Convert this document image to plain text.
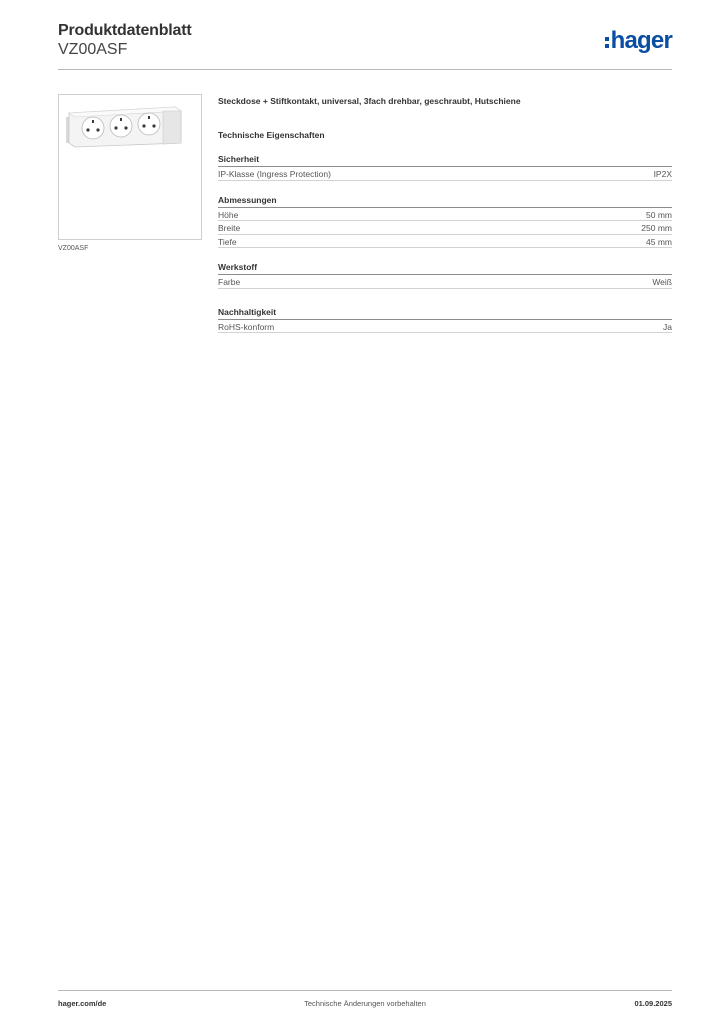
Produktdatenblatt
VZ00ASF	hager
VZ00ASF
Steckdose + Stiftkontakt, universal, 3fach drehbar, geschraubt, Hutschiene
Technische Eigenschaften
Sicherheit
IP-Klasse (Ingress Protection)	IP2X
Abmessungen
Höhe	50 mm
Breite	250 mm
Tiefe	45 mm
Werkstoff
Farbe	Weiß
Nachhaltigkeit
RoHS-konform	Ja
hager.com/de	Technische Änderungen vorbehalten	01.09.2025
